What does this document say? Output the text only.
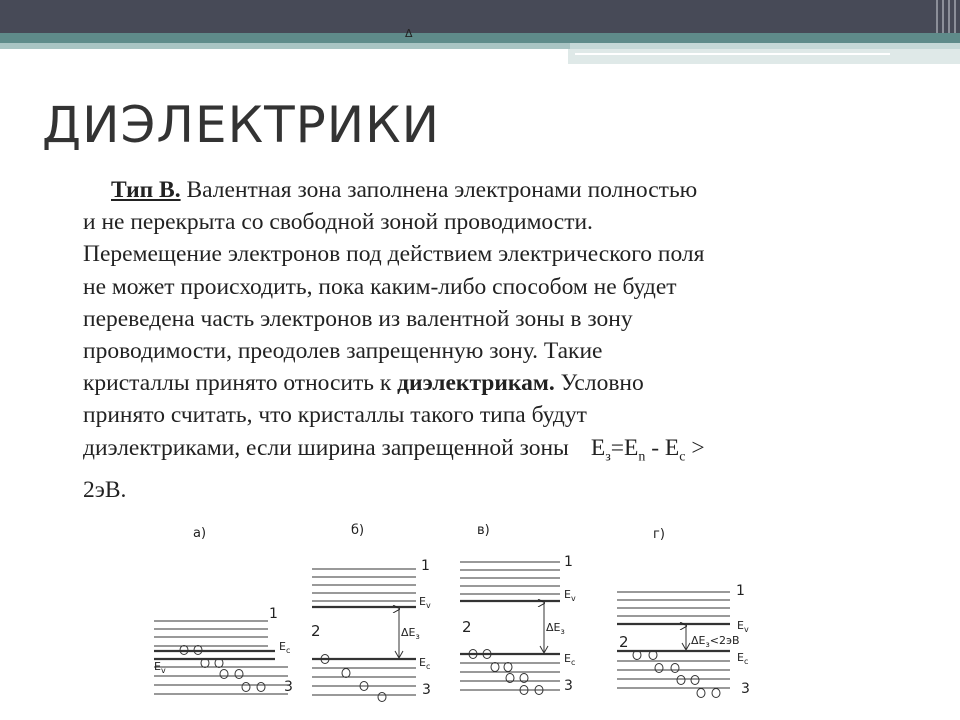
Δ
ДИЭЛЕКТРИКИ

Тип В. Валентная зона заполнена электронами полностью

и не перекрыта со свободной зоной проводимости.

Перемещение электронов под действием электрического поля

не может происходить, пока каким-либо способом не будет

переведена часть электронов из валентной зоны в зону

проводимости, преодолев запрещенную зону. Такие

кристаллы принято относить к диэлектрикам. Условно

принято считать, что кристаллы такого типа будут

диэлектриками, если ширина запрещенной зоны $E_з=E_n - E_c$ >

2эВ.

а)
1
$E_c$
$E_v$
3
б)
1
$E_v$
2	$\Delta E_з$
$E_c$
3
в)
1
$E_v$
2	$\Delta E_з$
$E_c$
3
г)
1
2	$\Delta E_з<2эВ$
$E_v$
$E_c$
3
